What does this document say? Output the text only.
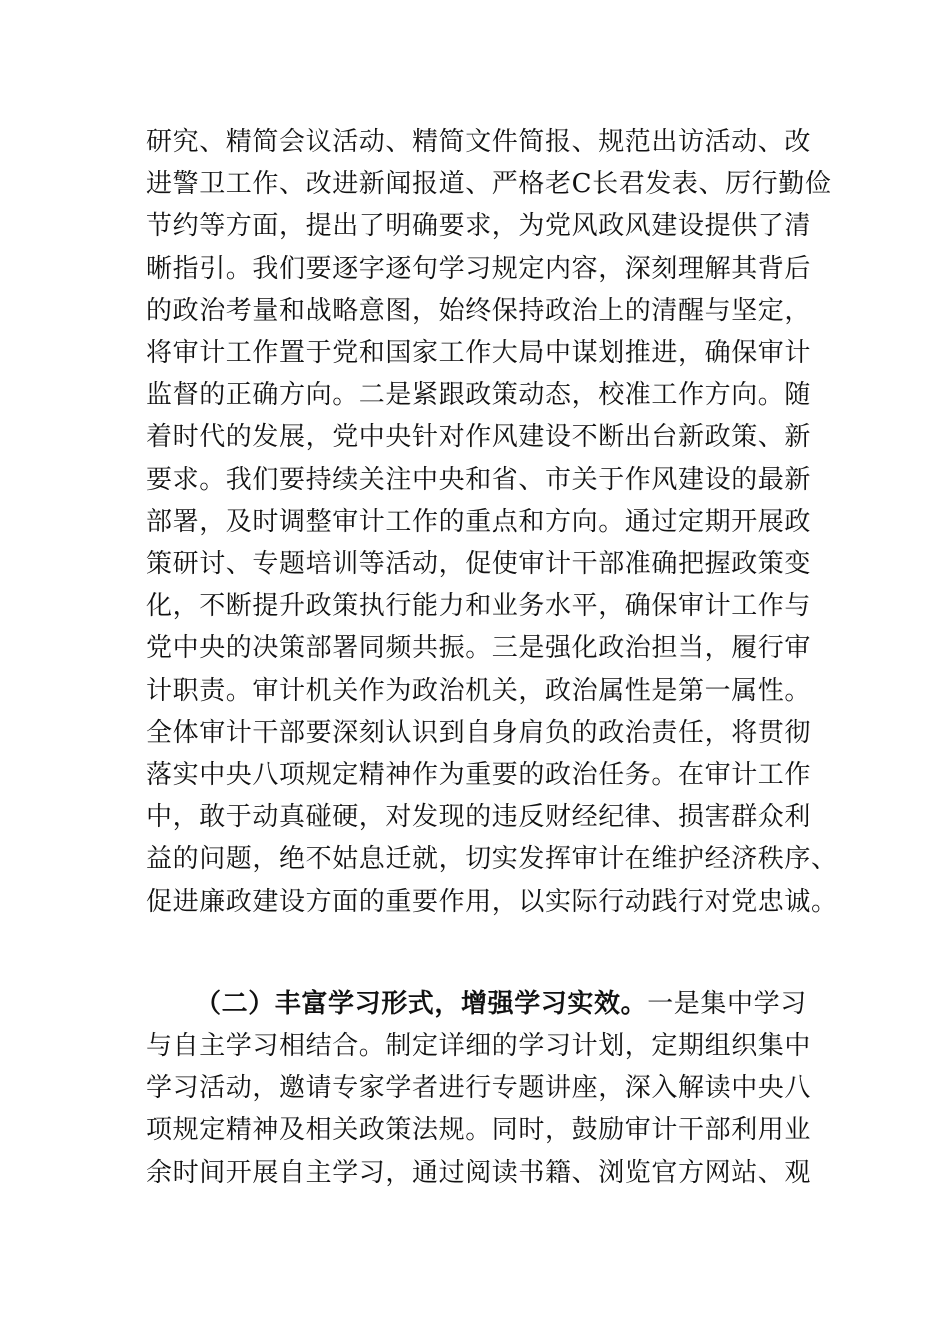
研究、精简会议活动、精简文件简报、规范出访活动、改
进警卫工作、改进新闻报道、严格老C长君发表、厉行勤俭
节约等方面，提出了明确要求，为党风政风建设提供了清
晰指引。我们要逐字逐句学习规定内容，深刻理解其背后
的政治考量和战略意图，始终保持政治上的清醒与坚定，
将审计工作置于党和国家工作大局中谋划推进，确保审计
监督的正确方向。二是紧跟政策动态，校准工作方向。随
着时代的发展，党中央针对作风建设不断出台新政策、新
要求。我们要持续关注中央和省、市关于作风建设的最新
部署，及时调整审计工作的重点和方向。通过定期开展政
策研讨、专题培训等活动，促使审计干部准确把握政策变
化，不断提升政策执行能力和业务水平，确保审计工作与
党中央的决策部署同频共振。三是强化政治担当，履行审
计职责。审计机关作为政治机关，政治属性是第一属性。
全体审计干部要深刻认识到自身肩负的政治责任，将贯彻
落实中央八项规定精神作为重要的政治任务。在审计工作
中，敢于动真碰硬，对发现的违反财经纪律、损害群众利
益的问题，绝不姑息迁就，切实发挥审计在维护经济秩序、
促进廉政建设方面的重要作用，以实际行动践行对党忠诚。
（二）丰富学习形式，增强学习实效。一是集中学习
与自主学习相结合。制定详细的学习计划，定期组织集中
学习活动，邀请专家学者进行专题讲座，深入解读中央八
项规定精神及相关政策法规。同时，鼓励审计干部利用业
余时间开展自主学习，通过阅读书籍、浏览官方网站、观
